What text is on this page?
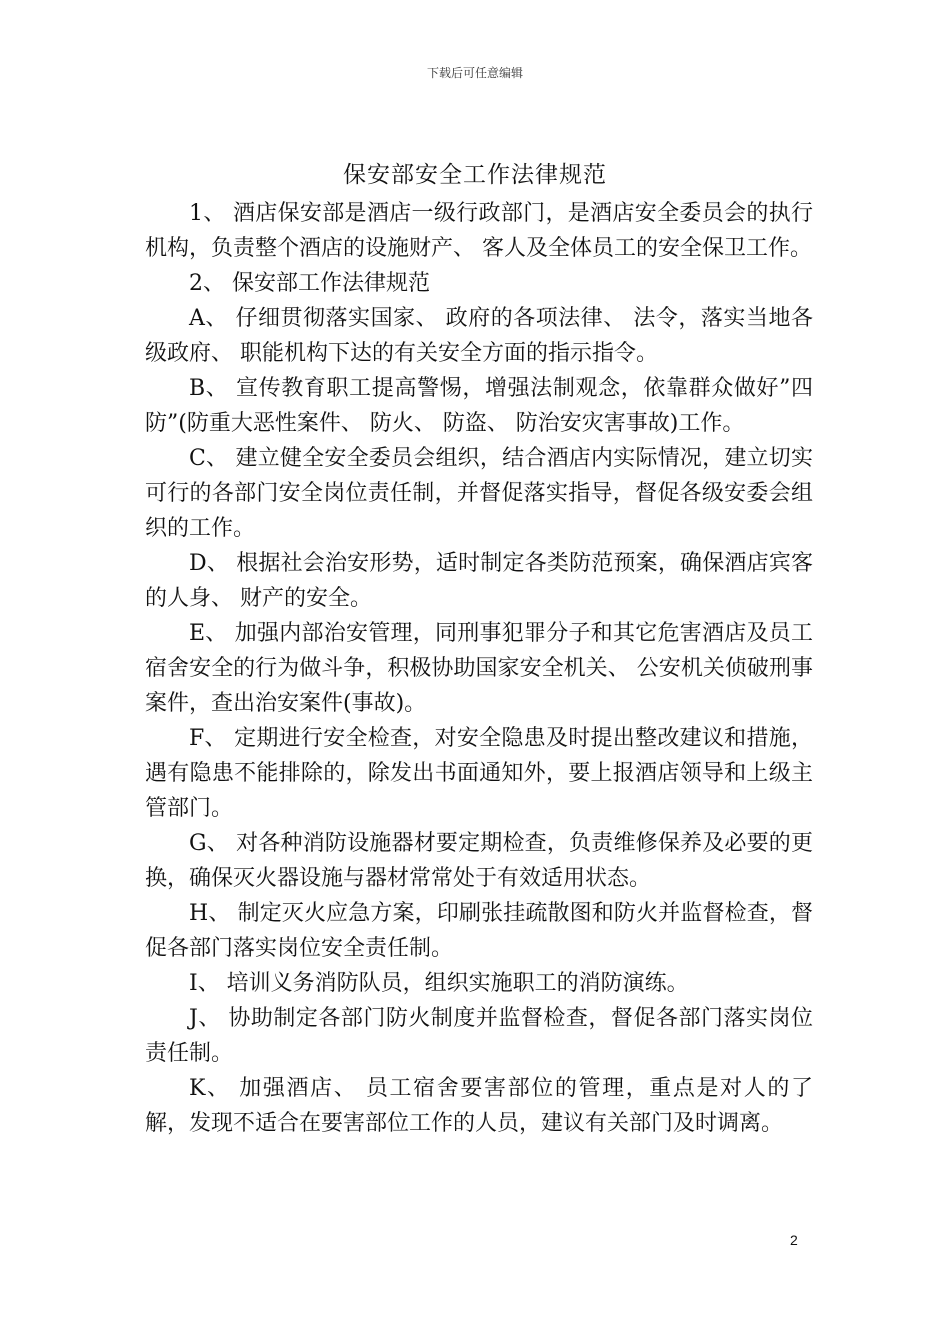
下载后可任意编辑
保安部安全工作法律规范

1、 酒店保安部是酒店一级行政部门，是酒店安全委员会的执行机构，负责整个酒店的设施财产、 客人及全体员工的安全保卫工作。

2、 保安部工作法律规范

A、 仔细贯彻落实国家、 政府的各项法律、 法令，落实当地各级政府、 职能机构下达的有关安全方面的指示指令。

B、 宣传教育职工提高警惕，增强法制观念，依靠群众做好”四防”(防重大恶性案件、 防火、 防盗、 防治安灾害事故)工作。

C、 建立健全安全委员会组织，结合酒店内实际情况，建立切实可行的各部门安全岗位责任制，并督促落实指导，督促各级安委会组织的工作。

D、 根据社会治安形势，适时制定各类防范预案，确保酒店宾客的人身、 财产的安全。

E、 加强内部治安管理，同刑事犯罪分子和其它危害酒店及员工宿舍安全的行为做斗争，积极协助国家安全机关、 公安机关侦破刑事案件，查出治安案件(事故)。

F、 定期进行安全检查，对安全隐患及时提出整改建议和措施，遇有隐患不能排除的，除发出书面通知外，要上报酒店领导和上级主管部门。

G、 对各种消防设施器材要定期检查，负责维修保养及必要的更换，确保灭火器设施与器材常常处于有效适用状态。

H、 制定灭火应急方案，印刷张挂疏散图和防火并监督检查，督促各部门落实岗位安全责任制。

I、 培训义务消防队员，组织实施职工的消防演练。

J、 协助制定各部门防火制度并监督检查，督促各部门落实岗位责任制。

K、 加强酒店、 员工宿舍要害部位的管理，重点是对人的了解，发现不适合在要害部位工作的人员，建议有关部门及时调离。

2
